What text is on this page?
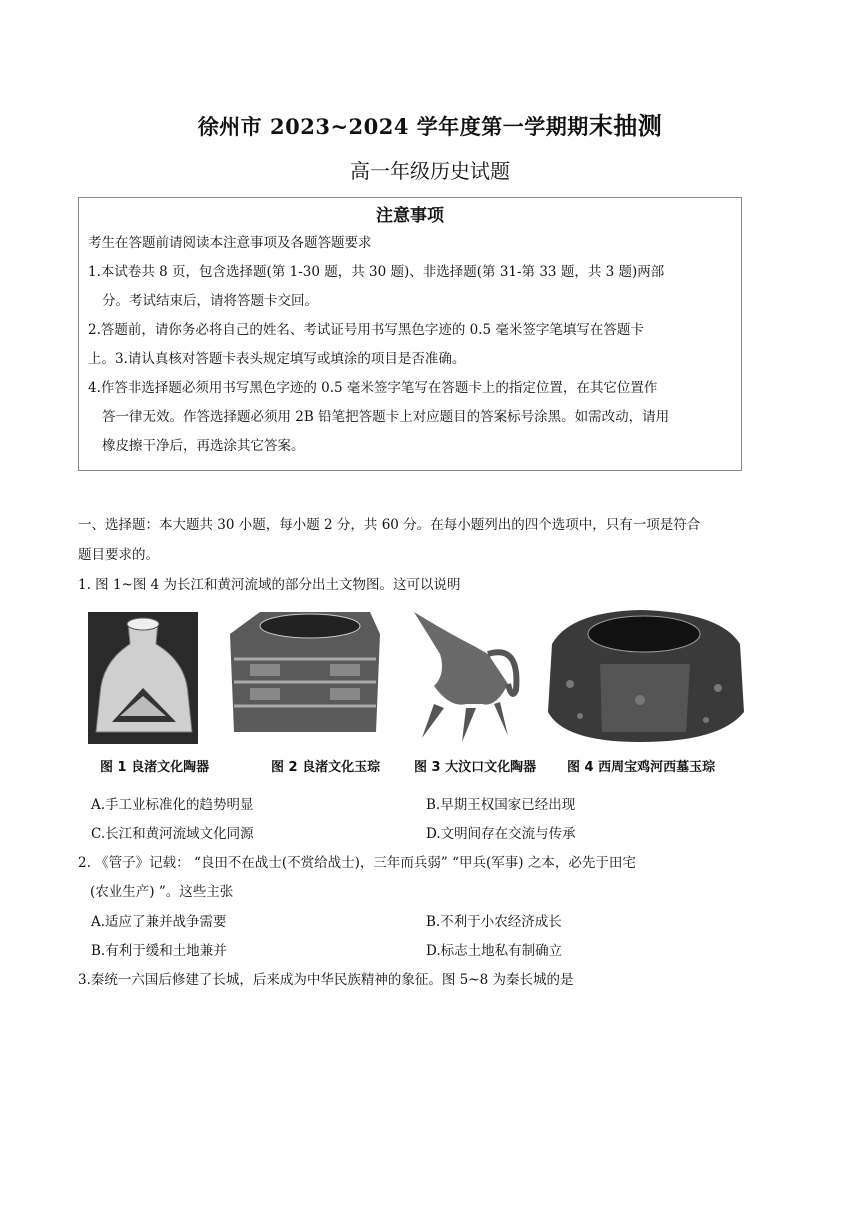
徐州市 2023~2024 学年度第一学期期末抽测
高一年级历史试题
注意事项

考生在答题前请阅读本注意事项及各题答题要求

1.本试卷共 8 页，包含选择题(第 1-30 题，共 30 题)、非选择题(第 31-第 33 题，共 3 题)两部

分。考试结束后，请将答题卡交回。

2.答题前，请你务必将自己的姓名、考试证号用书写黑色字迹的 0.5 毫米签字笔填写在答题卡

上。3.请认真核对答题卡表头规定填写或填涂的项目是否准确。

4.作答非选择题必须用书写黑色字迹的 0.5 毫米签字笔写在答题卡上的指定位置，在其它位置作

答一律无效。作答选择题必须用 2B 铅笔把答题卡上对应题目的答案标号涂黑。如需改动，请用

橡皮擦干净后，再选涂其它答案。

一、选择题：本大题共 30 小题，每小题 2 分，共 60 分。在每小题列出的四个选项中，只有一项是符合
题目要求的。
1. 图 1~图 4 为长江和黄河流域的部分出土文物图。这可以说明
图 1 良渚文化陶器	图 2 良渚文化玉琮	图 3 大汶口文化陶器 图 4 西周宝鸡河西墓玉琮
A.手工业标准化的趋势明显	B.早期王权国家已经出现
C.长江和黄河流域文化同源	D.文明间存在交流与传承
2. 《管子》记载： “良田不在战士(不赏给战士)，三年而兵弱” “甲兵(军事) 之本，必先于田宅
(农业生产) ”。这些主张
A.适应了兼并战争需要	B.不利于小农经济成长
B.有利于缓和土地兼并	D.标志土地私有制确立
3.秦统一六国后修建了长城，后来成为中华民族精神的象征。图 5~8 为秦长城的是
